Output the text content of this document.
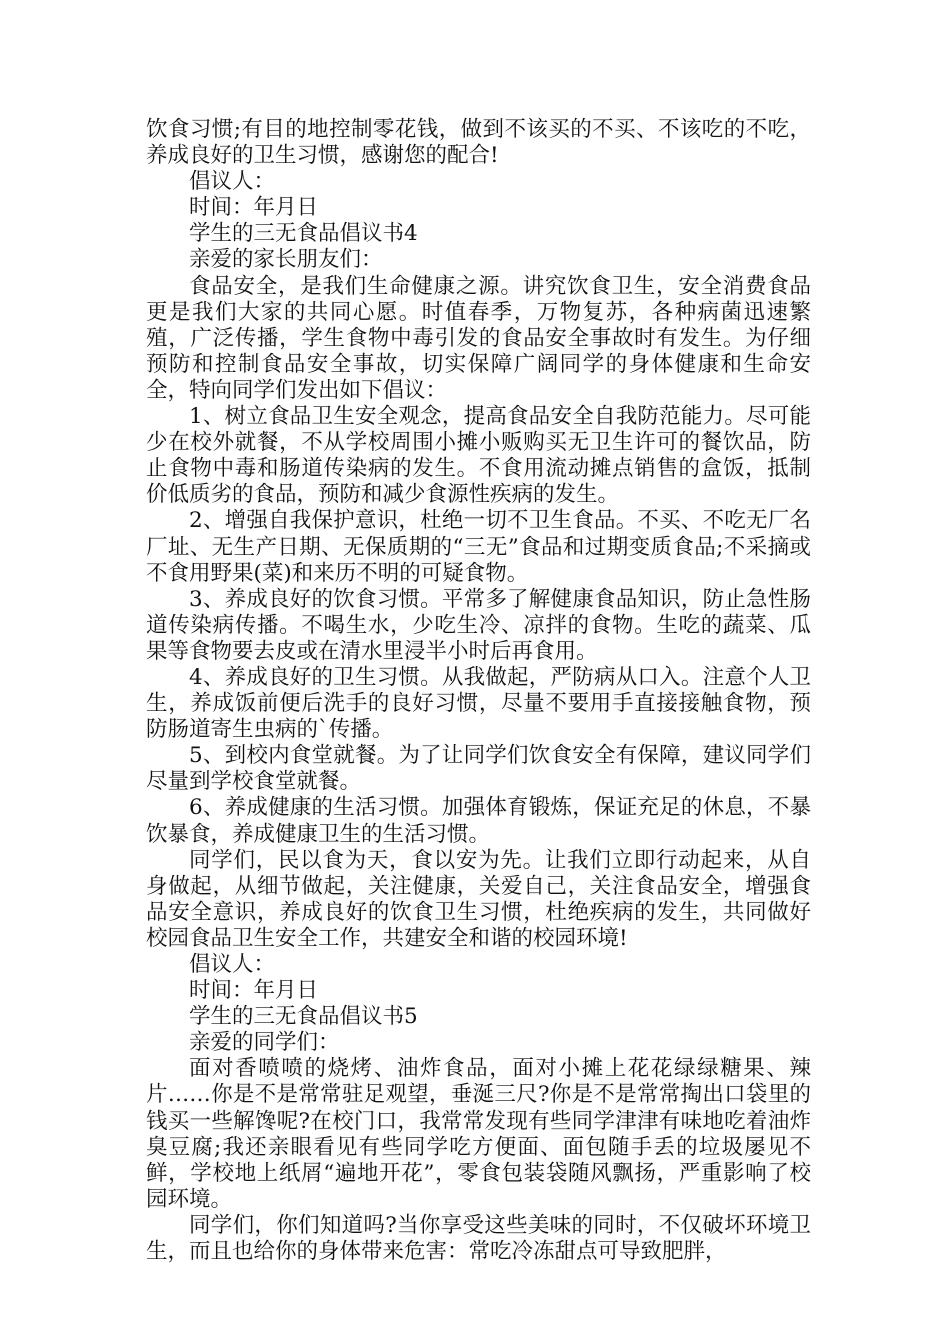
饮食习惯;有目的地控制零花钱，做到不该买的不买、不该吃的不吃，养成良好的卫生习惯，感谢您的配合!

倡议人：

时间：年月日

学生的三无食品倡议书4

亲爱的家长朋友们：

食品安全，是我们生命健康之源。讲究饮食卫生，安全消费食品更是我们大家的共同心愿。时值春季，万物复苏，各种病菌迅速繁殖，广泛传播，学生食物中毒引发的食品安全事故时有发生。为仔细预防和控制食品安全事故，切实保障广阔同学的身体健康和生命安全，特向同学们发出如下倡议：

1、树立食品卫生安全观念，提高食品安全自我防范能力。尽可能少在校外就餐，不从学校周围小摊小贩购买无卫生许可的餐饮品，防止食物中毒和肠道传染病的发生。不食用流动摊点销售的盒饭，抵制价低质劣的食品，预防和减少食源性疾病的发生。

2、增强自我保护意识，杜绝一切不卫生食品。不买、不吃无厂名厂址、无生产日期、无保质期的“三无”食品和过期变质食品;不采摘或不食用野果(菜)和来历不明的可疑食物。

3、养成良好的饮食习惯。平常多了解健康食品知识，防止急性肠道传染病传播。不喝生水，少吃生冷、凉拌的食物。生吃的蔬菜、瓜果等食物要去皮或在清水里浸半小时后再食用。

4、养成良好的卫生习惯。从我做起，严防病从口入。注意个人卫生，养成饭前便后洗手的良好习惯，尽量不要用手直接接触食物，预防肠道寄生虫病的`传播。

5、到校内食堂就餐。为了让同学们饮食安全有保障，建议同学们尽量到学校食堂就餐。

6、养成健康的生活习惯。加强体育锻炼，保证充足的休息，不暴饮暴食，养成健康卫生的生活习惯。

同学们，民以食为天，食以安为先。让我们立即行动起来，从自身做起，从细节做起，关注健康，关爱自己，关注食品安全，增强食品安全意识，养成良好的饮食卫生习惯，杜绝疾病的发生，共同做好校园食品卫生安全工作，共建安全和谐的校园环境!

倡议人：

时间：年月日

学生的三无食品倡议书5

亲爱的同学们：

面对香喷喷的烧烤、油炸食品，面对小摊上花花绿绿糖果、辣片……你是不是常常驻足观望，垂涎三尺?你是不是常常掏出口袋里的钱买一些解馋呢?在校门口，我常常发现有些同学津津有味地吃着油炸臭豆腐;我还亲眼看见有些同学吃方便面、面包随手丢的垃圾屡见不鲜，学校地上纸屑“遍地开花”，零食包装袋随风飘扬，严重影响了校园环境。

同学们，你们知道吗?当你享受这些美味的同时，不仅破坏环境卫生，而且也给你的身体带来危害：常吃冷冻甜点可导致肥胖，
